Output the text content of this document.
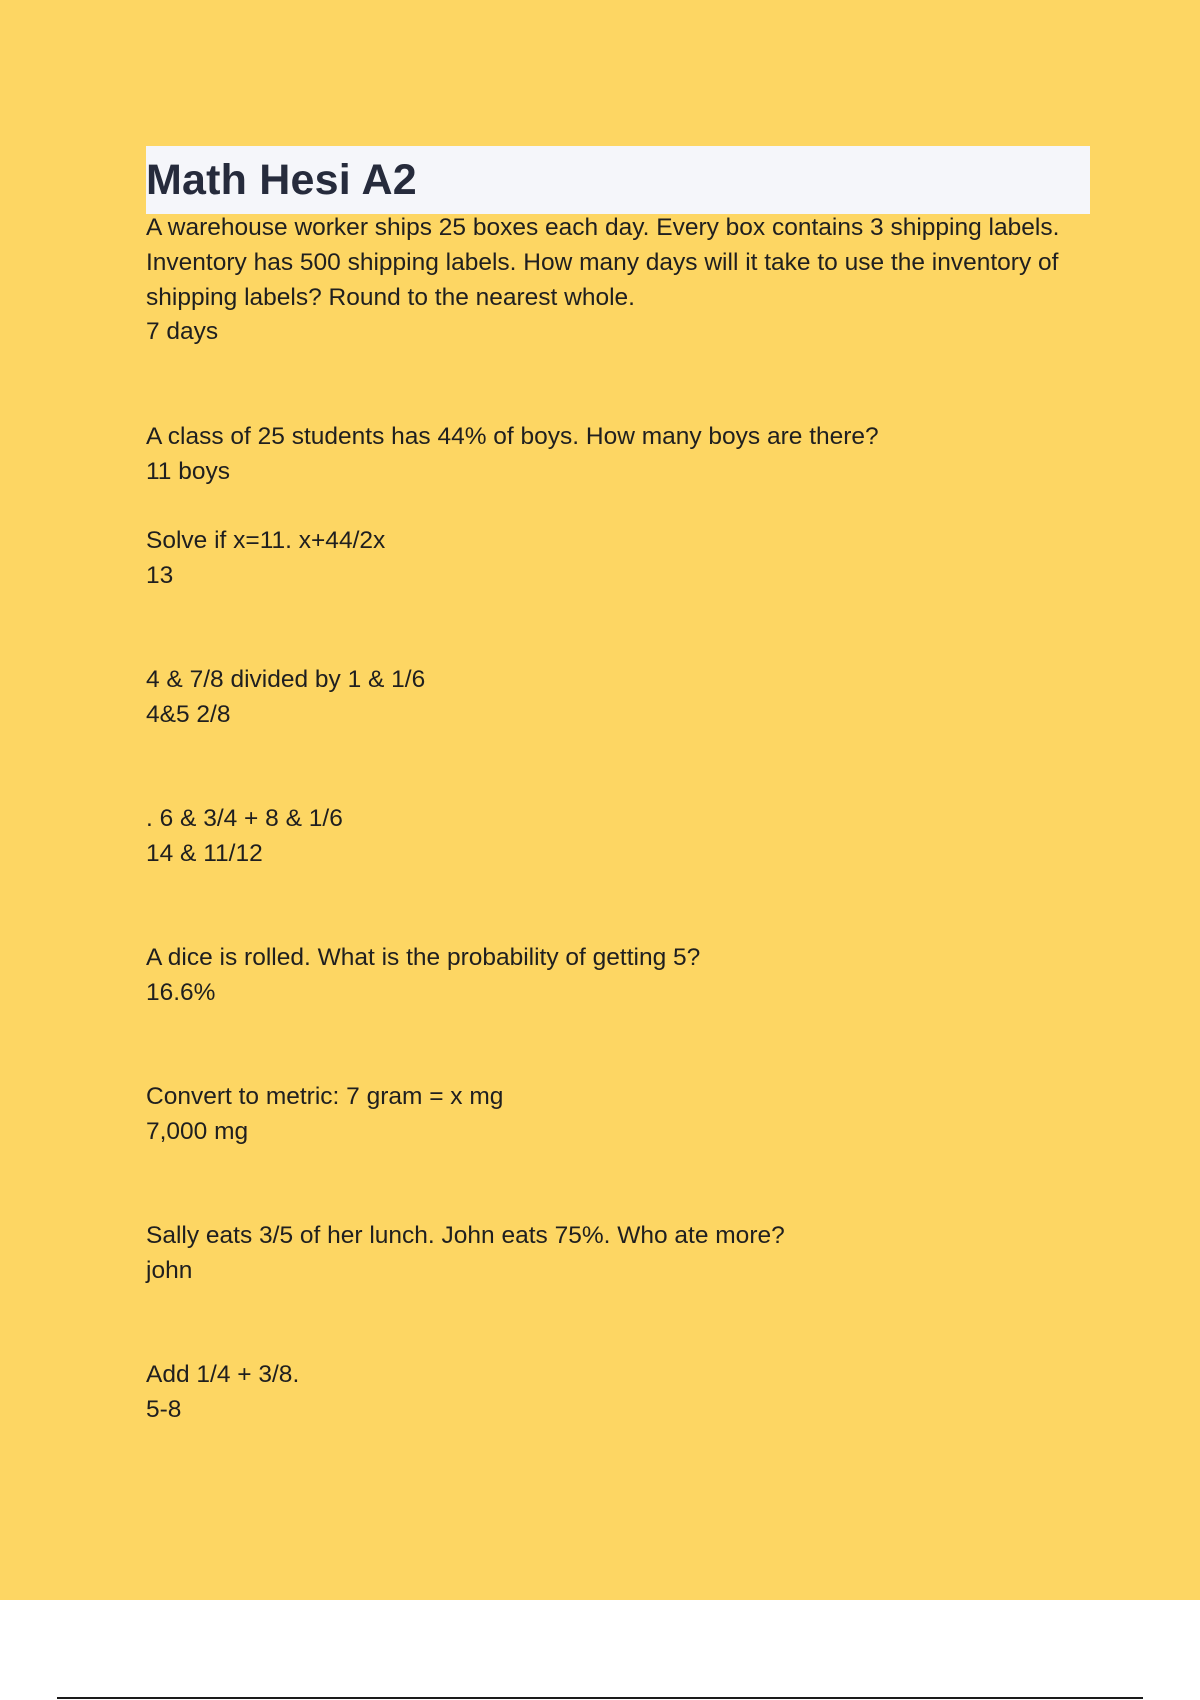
Math Hesi A2
A warehouse worker ships 25 boxes each day. Every box contains 3 shipping labels. Inventory has 500 shipping labels. How many days will it take to use the inventory of shipping labels? Round to the nearest whole.
7 days
A class of 25 students has 44% of boys. How many boys are there?
11 boys
Solve if x=11. x+44/2x
13
4 & 7/8 divided by 1 & 1/6
4&5 2/8
. 6 & 3/4 + 8 & 1/6
14 & 11/12
A dice is rolled. What is the probability of getting 5?
16.6%
Convert to metric: 7 gram = x mg
7,000 mg
Sally eats 3/5 of her lunch. John eats 75%. Who ate more?
john
Add 1/4 + 3/8.
5-8
